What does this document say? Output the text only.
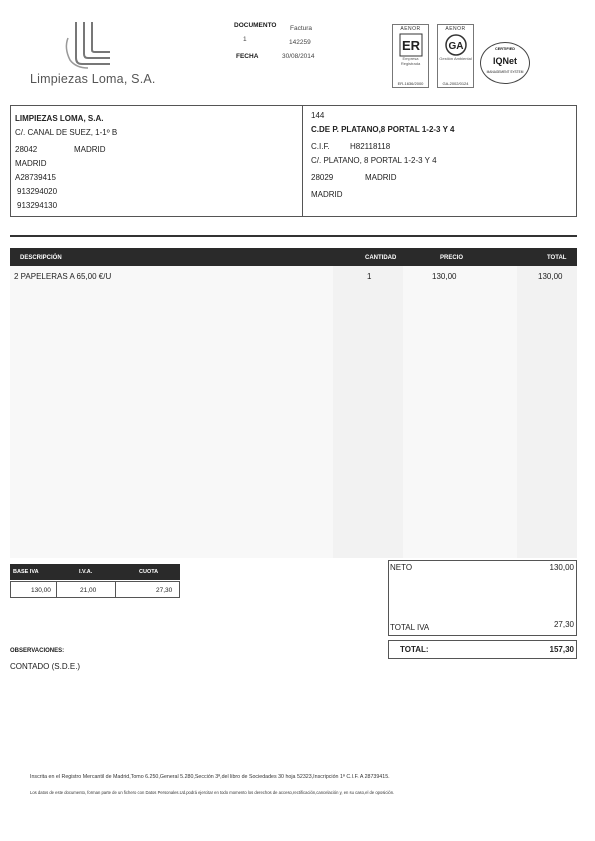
Limpiezas Loma, S.A.
DOCUMENTO Factura
1	142259
FECHA	30/08/2014
AENOR
ER
Empresa Registrada
ER-1636/2000
AENOR
GA
Gestión Ambiental
GA-2002/0124
CERTIFIED
IQNet
MANAGEMENT SYSTEM
LIMPIEZAS LOMA, S.A.
C/. CANAL DE SUEZ, 1-1º B
28042	MADRID
MADRID
A28739415
913294020
913294130
144
C.DE P. PLATANO,8 PORTAL 1-2-3 Y 4
C.I.F.	H82118118
C/. PLATANO, 8 PORTAL 1-2-3 Y 4
28029	MADRID
MADRID
DESCRIPCIÓN	CANTIDAD	PRECIO	TOTAL
2 PAPELERAS A 65,00 €/U	1	130,00	130,00
BASE IVA	I.V.A.	CUOTA
130,00	21,00	27,30
NETO	130,00
TOTAL IVA	27,30
TOTAL:	157,30
OBSERVACIONES:
CONTADO (S.D.E.)
Inscrita en el Registro Mercantil de Madrid,Tomo 6.250,General 5.280,Sección 3ª,del libro de Sociedades 30 hoja 52323,Inscripción 1ª C.I.F. A 28739415.
Los datos de este documento, forman parte de un fichero con Datos Personales.Ud.podrá ejercitar en todo momento los derechos de acceso,rectificación,cancelación y, en su caso,el de oposición.
